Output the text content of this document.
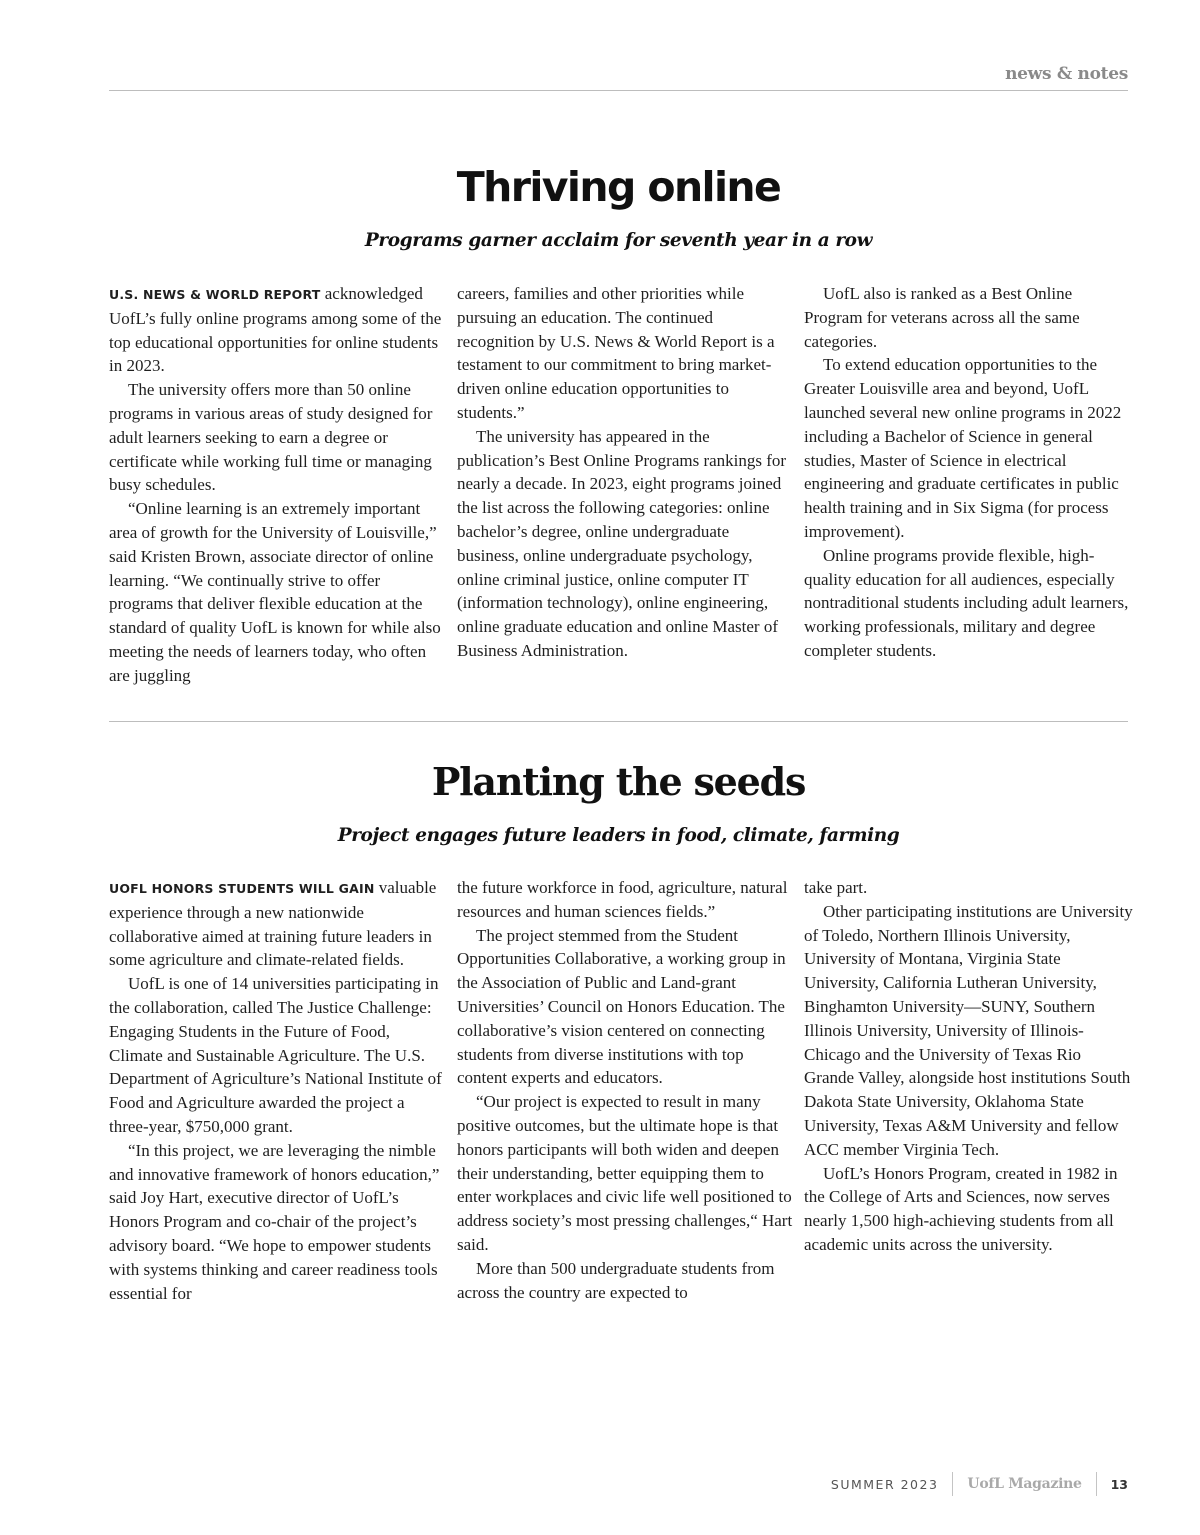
news & notes
Thriving online
Programs garner acclaim for seventh year in a row

U.S. NEWS & WORLD REPORT acknowledged UofL’s fully online programs among some of the top educational opportunities for online students in 2023.

The university offers more than 50 online programs in various areas of study designed for adult learners seeking to earn a degree or certificate while working full time or managing busy schedules.

“Online learning is an extremely important area of growth for the University of Louisville,” said Kristen Brown, associate director of online learning. “We continually strive to offer programs that deliver flexible education at the standard of quality UofL is known for while also meeting the needs of learners today, who often are juggling

careers, families and other priorities while pursuing an education. The continued recognition by U.S. News & World Report is a testament to our commitment to bring market-driven online education opportunities to students.”

The university has appeared in the publication’s Best Online Programs rankings for nearly a decade. In 2023, eight programs joined the list across the following categories: online bachelor’s degree, online undergraduate business, online undergraduate psychology, online criminal justice, online computer IT (information technology), online engineering, online graduate education and online Master of Business Administration.

UofL also is ranked as a Best Online Program for veterans across all the same categories.

To extend education opportunities to the Greater Louisville area and beyond, UofL launched several new online programs in 2022 including a Bachelor of Science in general studies, Master of Science in electrical engineering and graduate certificates in public health training and in Six Sigma (for process improvement).

Online programs provide flexible, high-quality education for all audiences, especially nontraditional students including adult learners, working professionals, military and degree completer students.

Planting the seeds
Project engages future leaders in food, climate, farming

UOFL HONORS STUDENTS WILL GAIN valuable experience through a new nationwide collaborative aimed at training future leaders in some agriculture and climate-related fields.

UofL is one of 14 universities participating in the collaboration, called The Justice Challenge: Engaging Students in the Future of Food, Climate and Sustainable Agriculture. The U.S. Department of Agriculture’s National Institute of Food and Agriculture awarded the project a three-year, $750,000 grant.

“In this project, we are leveraging the nimble and innovative framework of honors education,” said Joy Hart, executive director of UofL’s Honors Program and co-chair of the project’s advisory board. “We hope to empower students with systems thinking and career readiness tools essential for

the future workforce in food, agriculture, natural resources and human sciences fields.”

The project stemmed from the Student Opportunities Collaborative, a working group in the Association of Public and Land-grant Universities’ Council on Honors Education. The collaborative’s vision centered on connecting students from diverse institutions with top content experts and educators.

“Our project is expected to result in many positive outcomes, but the ultimate hope is that honors participants will both widen and deepen their understanding, better equipping them to enter workplaces and civic life well positioned to address society’s most pressing challenges,“ Hart said.

More than 500 undergraduate students from across the country are expected to

take part.

Other participating institutions are University of Toledo, Northern Illinois University, University of Montana, Virginia State University, California Lutheran University, Binghamton University—SUNY, Southern Illinois University, University of Illinois-Chicago and the University of Texas Rio Grande Valley, alongside host institutions South Dakota State University, Oklahoma State University, Texas A&M University and fellow ACC member Virginia Tech.

UofL’s Honors Program, created in 1982 in the College of Arts and Sciences, now serves nearly 1,500 high-achieving students from all academic units across the university.

SUMMER 2023 UofL Magazine 13
